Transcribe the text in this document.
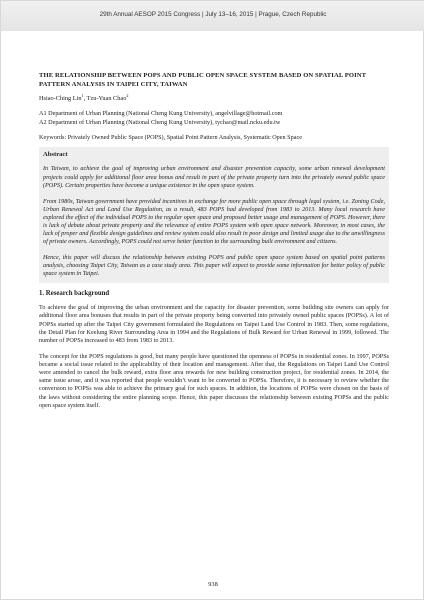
29th Annual AESOP 2015 Congress | July 13–16, 2015 | Prague, Czech Republic
THE RELATIONSHIP BETWEEN POPS AND PUBLIC OPEN SPACE SYSTEM BASED ON SPATIAL POINT PATTERN ANALYSIS IN TAIPEI CITY, TAIWAN
Hsiao-Ching Lin$^1$, Tzu-Yuan Chao$^2$
A1 Department of Urban Planning (National Cheng Kung University), angelvillage@hotmail.com
A2 Department of Urban Planning (National Cheng Kung University), tychao@mail.ncku.edu.tw
Keywords: Privately Owned Public Space (POPS), Spatial Point Pattern Analysis, Systematic Open Space
Abstract

In Taiwan, to achieve the goal of improving urban environment and disaster prevention capacity, some urban renewal development projects could apply for additional floor area bonus and result in part of the private property turn into the privately owned public space (POPS). Certain properties have become a unique existence in the open space system.

From 1980s, Taiwan government have provided incentives in exchange for more public open space through legal system, i.e. Zoning Code, Urban Renewal Act and Land Use Regulation, as a result, 483 POPS had developed from 1983 to 2013. Many local research have explored the effect of the individual POPS to the regular open space and proposed better usage and management of POPS. However, there is lack of debate about private property and the relevance of entire POPS system with open space network. Moreover, in most cases, the lack of proper and flexible design guidelines and review system could also result in poor design and limited usage due to the unwillingness of private owners. Accordingly, POPS could not serve better function to the surrounding built environment and citizens.

Hence, this paper will discuss the relationship between existing POPS and public open space system based on spatial point patterns analysis, choosing Taipei City, Taiwan as a case study area. This paper will expect to provide some information for better policy of public space system in Taipei.

1. Research background

To achieve the goal of improving the urban environment and the capacity for disaster prevention, some building site owners can apply for additional floor area bonuses that results in part of the private property being converted into privately owned public spaces (POPSs). A lot of POPSs started up after the Taipei City government formulated the Regulations on Taipei Land Use Control in 1983. Then, some regulations, the Detail Plan for Keelung River Surrounding Area in 1994 and the Regulations of Bulk Reward for Urban Renewal in 1999, followed. The number of POPSs increased to 483 from 1983 to 2013.

The concept for the POPS regulations is good, but many people have questioned the openness of POPSs in residential zones. In 1997, POPSs became a social issue related to the applicability of their location and management. After that, the Regulations on Taipei Land Use Control were amended to cancel the bulk reward, extra floor area rewards for new building construction project, for residential zones. In 2014, the same issue arose, and it was reported that people wouldn’t want to be converted to POPSs. Therefore, it is necessary to review whether the conversion to POPSs was able to achieve the primary goal for such spaces. In addition, the locations of POPSs were chosen on the basis of the laws without considering the entire planning scope. Hence, this paper discusses the relationship between existing POPSs and the public open space system itself.

938
